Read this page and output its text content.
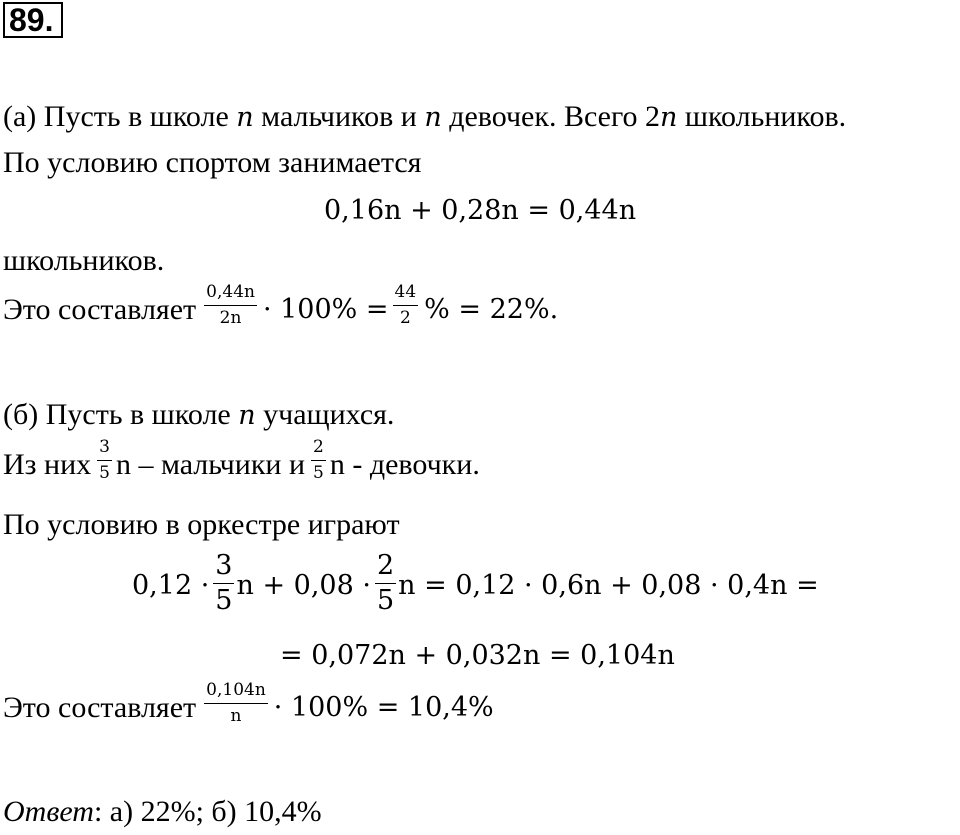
89.
(а) Пусть в школе n мальчиков и n девочек. Всего 2n школьников.
По условию спортом занимается
0,16n + 0,28n = 0,44n
школьников.
Это составляет $\frac{0,44n}{2n} \cdot 100\% = \frac{44}{2}$ % = 22%.
(б) Пусть в школе n учащихся.
Из них $\frac{3}{5}$ n – мальчики и $\frac{2}{5}$ n - девочки.
По условию в оркестре играют
$0,12 \cdot \frac{3}{5}$ $n + 0,08 \cdot \frac{2}{5}$ n = 0,12 · 0,6n + 0,08 · 0,4n =
= 0,072n + 0,032n = 0,104n
Это составляет $\frac{0,104n}{n} \cdot 100\% = 10,4\%$
Ответ: а) 22%; б) 10,4%
